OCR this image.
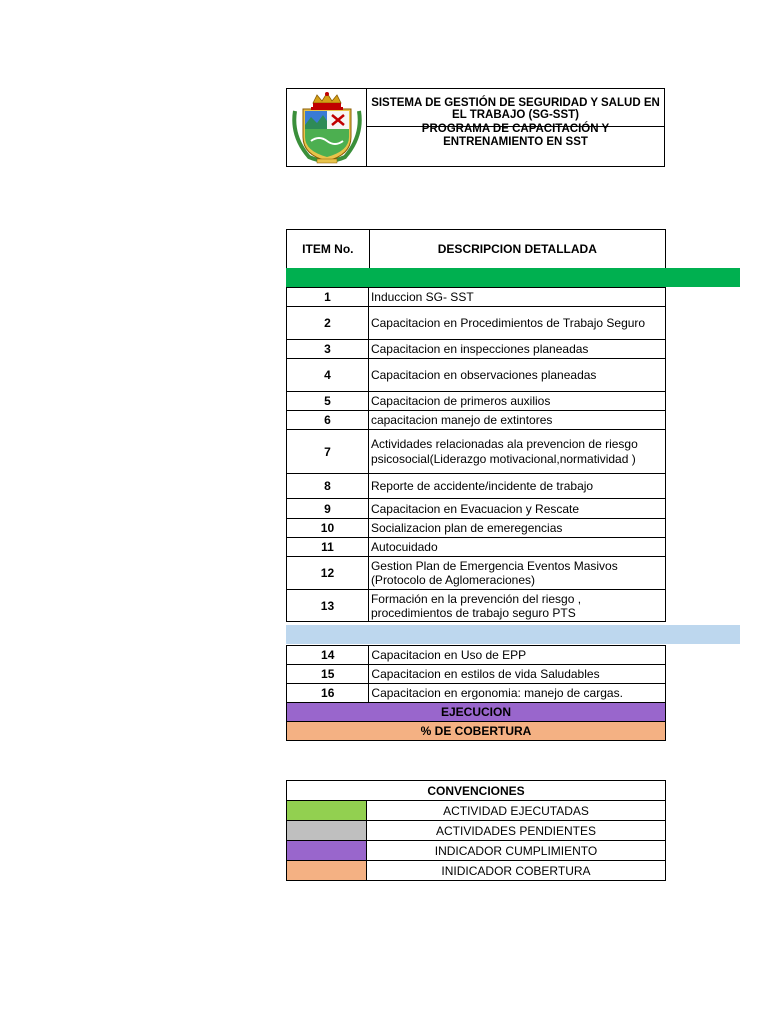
SISTEMA DE GESTIÓN DE SEGURIDAD Y SALUD EN EL TRABAJO (SG-SST)
PROGRAMA DE CAPACITACIÓN Y ENTRENAMIENTO EN SST
ITEM No.	DESCRIPCION DETALLADA
1	Induccion SG- SST
2	Capacitacion en Procedimientos de Trabajo Seguro
3	Capacitacion en inspecciones planeadas
4	Capacitacion en observaciones planeadas
5	Capacitacion de primeros auxilios
6	capacitacion manejo de extintores
7	Actividades relacionadas ala prevencion de riesgo psicosocial(Liderazgo motivacional,normatividad )
8	Reporte de accidente/incidente de trabajo
9	Capacitacion en Evacuacion y Rescate
10	Socializacion plan de emeregencias
11	Autocuidado
12	Gestion Plan de Emergencia Eventos Masivos (Protocolo de Aglomeraciones)
13	Formación en la prevención del riesgo , procedimientos de trabajo seguro PTS
14	Capacitacion en Uso de EPP
15	Capacitacion en estilos de vida Saludables
16	Capacitacion en ergonomia: manejo de cargas.
EJECUCION	
% DE COBERTURA	
CONVENCIONES	
	ACTIVIDAD EJECUTADAS
	ACTIVIDADES PENDIENTES
	INDICADOR CUMPLIMIENTO
	INIDICADOR COBERTURA
